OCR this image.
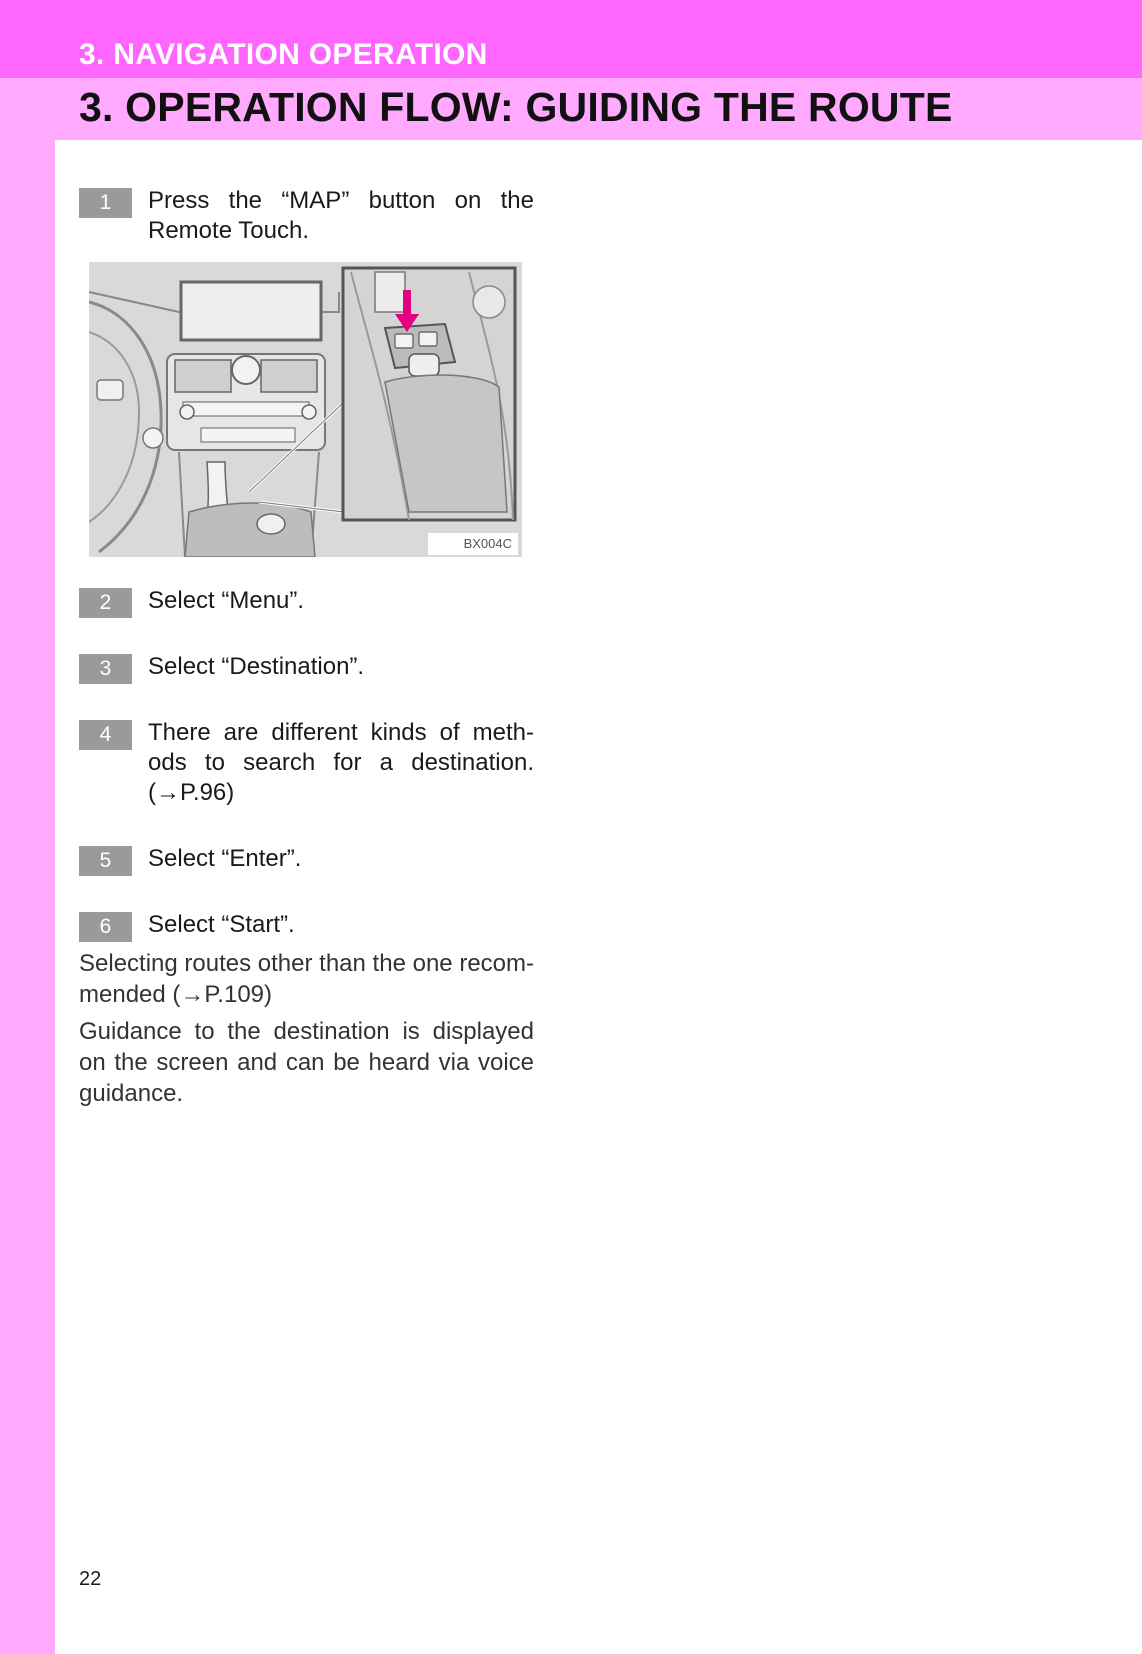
3. NAVIGATION OPERATION
3. OPERATION FLOW: GUIDING THE ROUTE
1	Press the “MAP” button on the Remote Touch.
BX004C
2	Select “Menu”.
3	Select “Destination”.
4	There are different kinds of meth-ods to search for a destination. (→P.96)
5	Select “Enter”.
6	Select “Start”.

Selecting routes other than the one recom-mended (→P.109)

Guidance to the destination is displayed on the screen and can be heard via voice guidance.

22
